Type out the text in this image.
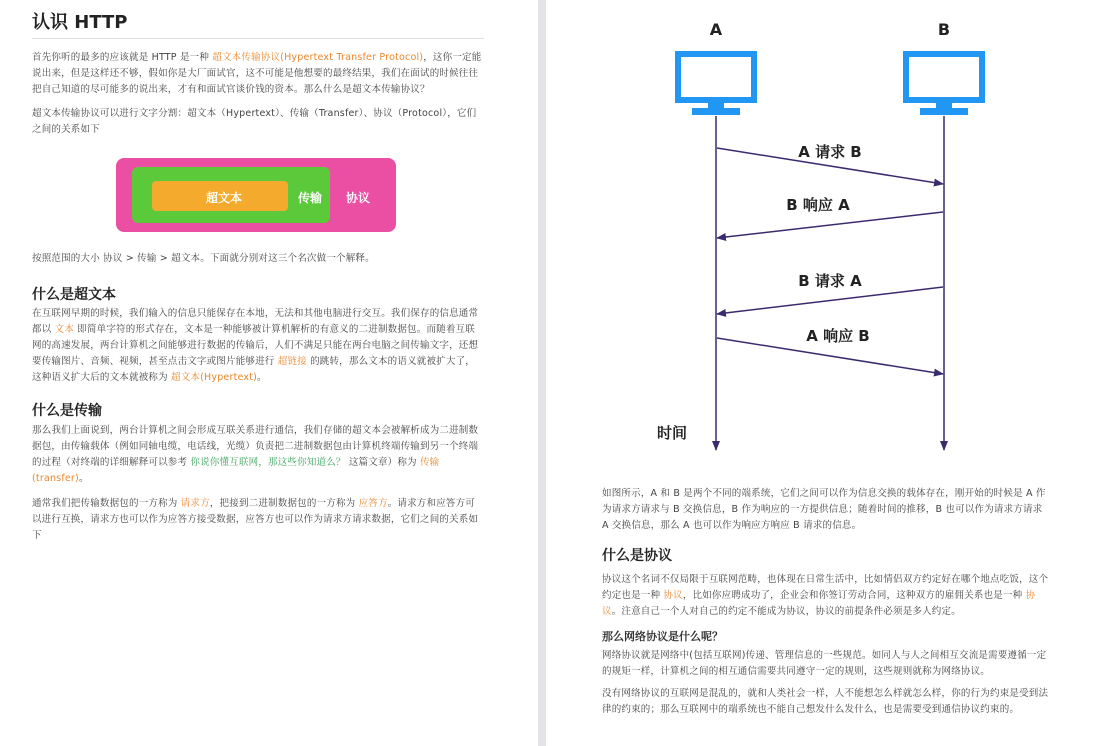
认识 HTTP

首先你听的最多的应该就是 HTTP 是一种 超文本传输协议(Hypertext Transfer Protocol)，这你一定能说出来，但是这样还不够，假如你是大厂面试官，这不可能是他想要的最终结果，我们在面试的时候往往把自己知道的尽可能多的说出来，才有和面试官谈价钱的资本。那么什么是超文本传输协议？

超文本传输协议可以进行文字分割：超文本（Hypertext）、传输（Transfer）、协议（Protocol），它们之间的关系如下

超文本	传输 协议

按照范围的大小 协议 > 传输 > 超文本。下面就分别对这三个名次做一个解释。

什么是超文本

在互联网早期的时候，我们输入的信息只能保存在本地，无法和其他电脑进行交互。我们保存的信息通常都以 文本 即简单字符的形式存在，文本是一种能够被计算机解析的有意义的二进制数据包。而随着互联网的高速发展，两台计算机之间能够进行数据的传输后，人们不满足只能在两台电脑之间传输文字，还想要传输图片、音频、视频，甚至点击文字或图片能够进行 超链接 的跳转，那么文本的语义就被扩大了，这种语义扩大后的文本就被称为 超文本(Hypertext)。

什么是传输

那么我们上面说到，两台计算机之间会形成互联关系进行通信，我们存储的超文本会被解析成为二进制数据包，由传输载体（例如同轴电缆，电话线，光缆）负责把二进制数据包由计算机终端传输到另一个终端的过程（对终端的详细解释可以参考 你说你懂互联网，那这些你知道么？ 这篇文章）称为 传输(transfer)。

通常我们把传输数据包的一方称为 请求方，把接到二进制数据包的一方称为 应答方。请求方和应答方可以进行互换，请求方也可以作为应答方接受数据，应答方也可以作为请求方请求数据，它们之间的关系如下

A	B
A 请求 B
B 响应 A
B 请求 A
A 响应 B
时间

如图所示，A 和 B 是两个不同的端系统，它们之间可以作为信息交换的载体存在，刚开始的时候是 A 作为请求方请求与 B 交换信息，B 作为响应的一方提供信息；随着时间的推移，B 也可以作为请求方请求 A 交换信息，那么 A 也可以作为响应方响应 B 请求的信息。

什么是协议

协议这个名词不仅局限于互联网范畴，也体现在日常生活中，比如情侣双方约定好在哪个地点吃饭，这个约定也是一种 协议，比如你应聘成功了，企业会和你签订劳动合同，这种双方的雇佣关系也是一种 协议。注意自己一个人对自己的约定不能成为协议，协议的前提条件必须是多人约定。

那么网络协议是什么呢？

网络协议就是网络中(包括互联网)传递、管理信息的一些规范。如同人与人之间相互交流是需要遵循一定的规矩一样，计算机之间的相互通信需要共同遵守一定的规则，这些规则就称为网络协议。

没有网络协议的互联网是混乱的，就和人类社会一样，人不能想怎么样就怎么样，你的行为约束是受到法律的约束的；那么互联网中的端系统也不能自己想发什么发什么，也是需要受到通信协议约束的。
